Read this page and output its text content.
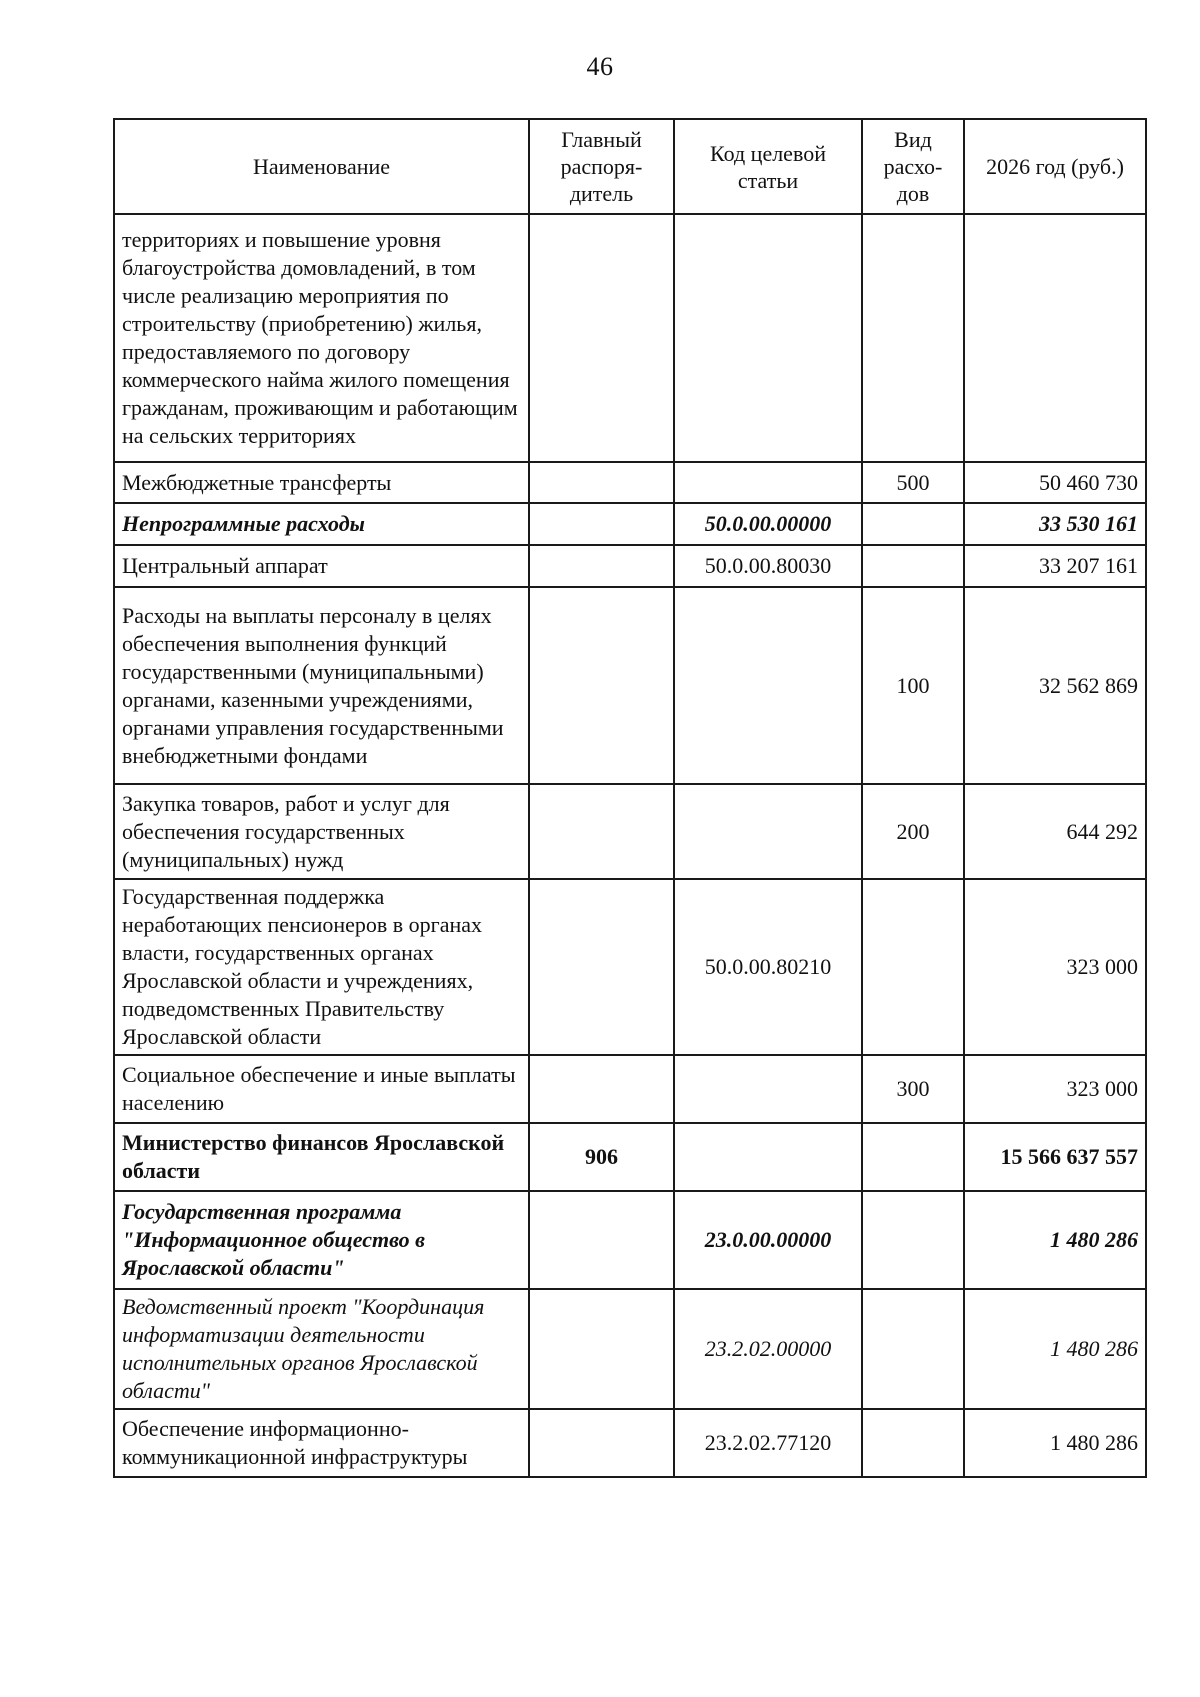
46
Наименование	Главный распоря-дитель	Код целевой статьи	Вид расхо-дов	2026 год (руб.)
территориях и повышение уровня благоустройства домовладений, в том числе реализацию мероприятия по строительству (приобретению) жилья, предоставляемого по договору коммерческого найма жилого помещения гражданам, проживающим и работающим на сельских территориях				
Межбюджетные трансферты			500	50 460 730
Непрограммные расходы		50.0.00.00000		33 530 161
Центральный аппарат		50.0.00.80030		33 207 161
Расходы на выплаты персоналу в целях обеспечения выполнения функций государственными (муниципальными) органами, казенными учреждениями, органами управления государственными внебюджетными фондами			100	32 562 869
Закупка товаров, работ и услуг для обеспечения государственных (муниципальных) нужд			200	644 292
Государственная поддержка неработающих пенсионеров в органах власти, государственных органах Ярославской области и учреждениях, подведомственных Правительству Ярославской области		50.0.00.80210		323 000
Социальное обеспечение и иные выплаты населению			300	323 000
Министерство финансов Ярославской области	906			15 566 637 557
Государственная программа "Информационное общество в Ярославской области"		23.0.00.00000		1 480 286
Ведомственный проект "Координация информатизации деятельности исполнительных органов Ярославской области"		23.2.02.00000		1 480 286
Обеспечение информационно-коммуникационной инфраструктуры		23.2.02.77120		1 480 286
